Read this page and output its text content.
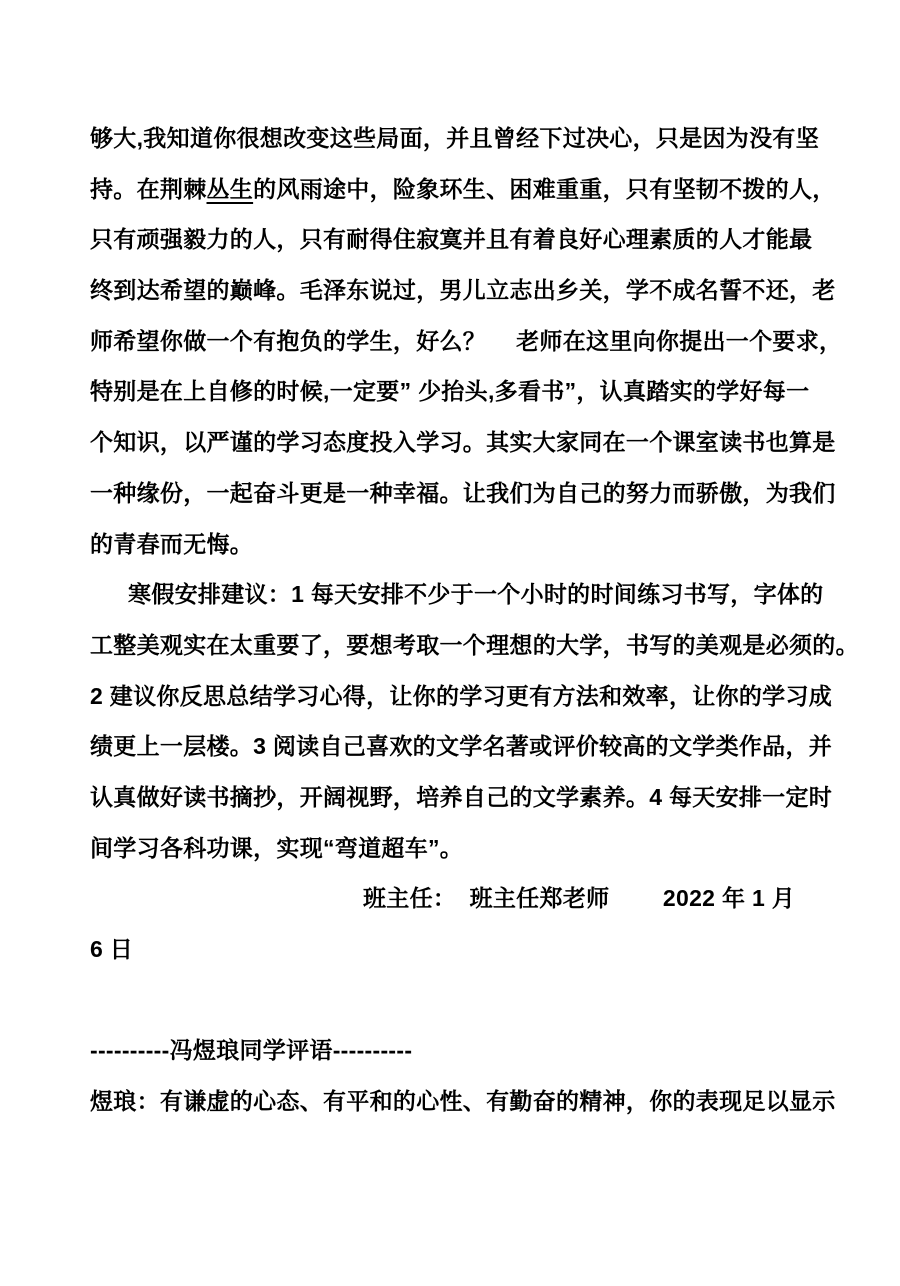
够大,我知道你很想改变这些局面，并且曾经下过决心，只是因为没有坚
持。在荆棘丛生的风雨途中，险象环生、困难重重，只有坚韧不拨的人，
只有顽强毅力的人，只有耐得住寂寞并且有着良好心理素质的人才能最
终到达希望的巅峰。毛泽东说过，男儿立志出乡关，学不成名誓不还，老
师希望你做一个有抱负的学生，好么？　 老师在这里向你提出一个要求，
特别是在上自修的时候,一定要” 少抬头,多看书”，认真踏实的学好每一
个知识，以严谨的学习态度投入学习。其实大家同在一个课室读书也算是
一种缘份，一起奋斗更是一种幸福。让我们为自己的努力而骄傲，为我们
的青春而无悔。
寒假安排建议：1 每天安排不少于一个小时的时间练习书写，字体的
工整美观实在太重要了，要想考取一个理想的大学，书写的美观是必须的。
2 建议你反思总结学习心得，让你的学习更有方法和效率，让你的学习成
绩更上一层楼。3 阅读自己喜欢的文学名著或评价较高的文学类作品，并
认真做好读书摘抄，开阔视野，培养自己的文学素养。4 每天安排一定时
间学习各科功课，实现“弯道超车”。
班主任：  班主任郑老师        2022 年 1 月
6 日
----------冯煜琅同学评语----------
煜琅：有谦虚的心态、有平和的心性、有勤奋的精神，你的表现足以显示
